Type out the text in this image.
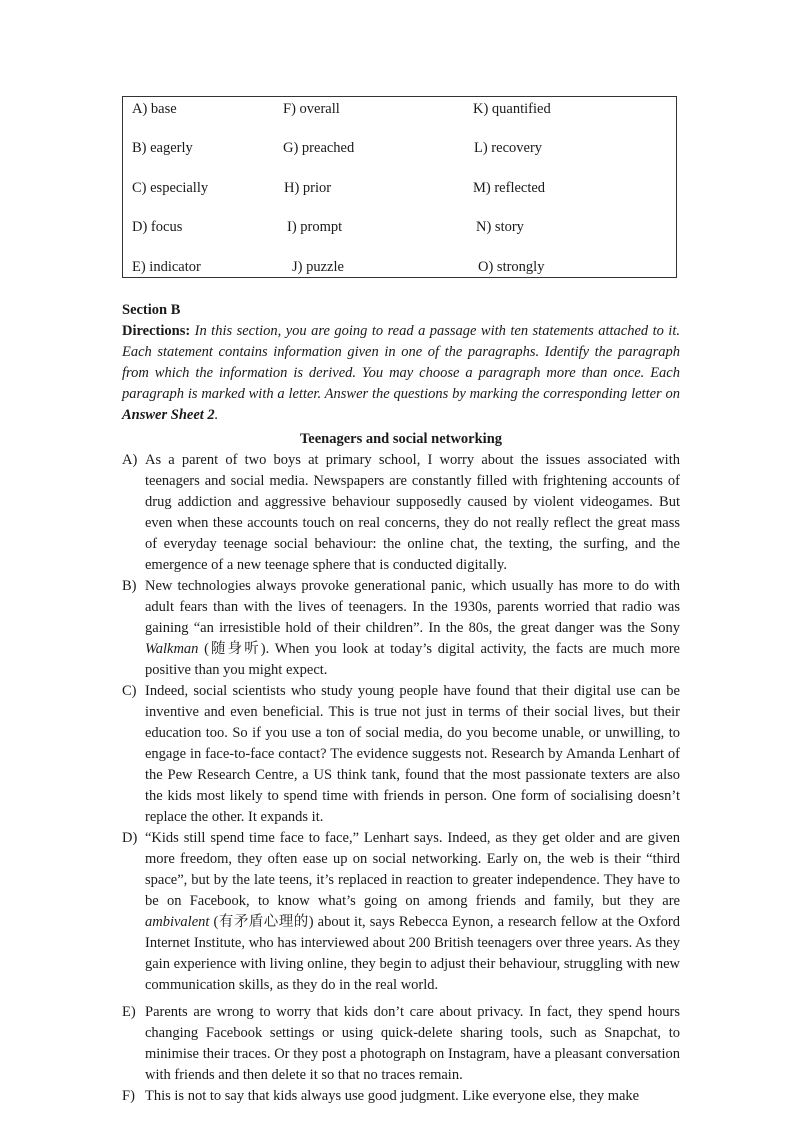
A) base
B) eagerly
C) especially
D) focus
E) indicator
F) overall
G) preached
H) prior
I) prompt
J) puzzle
K) quantified
L) recovery
M) reflected
N) story
O) strongly
Section B
Directions: In this section, you are going to read a passage with ten statements attached to it. Each statement contains information given in one of the paragraphs. Identify the paragraph from which the information is derived. You may choose a paragraph more than once. Each paragraph is marked with a letter. Answer the questions by marking the corresponding letter on Answer Sheet 2.
Teenagers and social networking
A) As a parent of two boys at primary school, I worry about the issues associated with teenagers and social media. Newspapers are constantly filled with frightening accounts of drug addiction and aggressive behaviour supposedly caused by violent videogames. But even when these accounts touch on real concerns, they do not really reflect the great mass of everyday teenage social behaviour: the online chat, the texting, the surfing, and the emergence of a new teenage sphere that is conducted digitally.
B) New technologies always provoke generational panic, which usually has more to do with adult fears than with the lives of teenagers. In the 1930s, parents worried that radio was gaining “an irresistible hold of their children”. In the 80s, the great danger was the Sony Walkman (随身听). When you look at today’s digital activity, the facts are much more positive than you might expect.
C) Indeed, social scientists who study young people have found that their digital use can be inventive and even beneficial. This is true not just in terms of their social lives, but their education too. So if you use a ton of social media, do you become unable, or unwilling, to engage in face-to-face contact? The evidence suggests not. Research by Amanda Lenhart of the Pew Research Centre, a US think tank, found that the most passionate texters are also the kids most likely to spend time with friends in person. One form of socialising doesn’t replace the other. It expands it.
D) “Kids still spend time face to face,” Lenhart says. Indeed, as they get older and are given more freedom, they often ease up on social networking. Early on, the web is their “third space”, but by the late teens, it’s replaced in reaction to greater independence. They have to be on Facebook, to know what’s going on among friends and family, but they are ambivalent (有矛盾心理的) about it, says Rebecca Eynon, a research fellow at the Oxford Internet Institute, who has interviewed about 200 British teenagers over three years. As they gain experience with living online, they begin to adjust their behaviour, struggling with new communication skills, as they do in the real world.
E) Parents are wrong to worry that kids don’t care about privacy. In fact, they spend hours changing Facebook settings or using quick-delete sharing tools, such as Snapchat, to minimise their traces. Or they post a photograph on Instagram, have a pleasant conversation with friends and then delete it so that no traces remain.
F) This is not to say that kids always use good judgment. Like everyone else, they make
